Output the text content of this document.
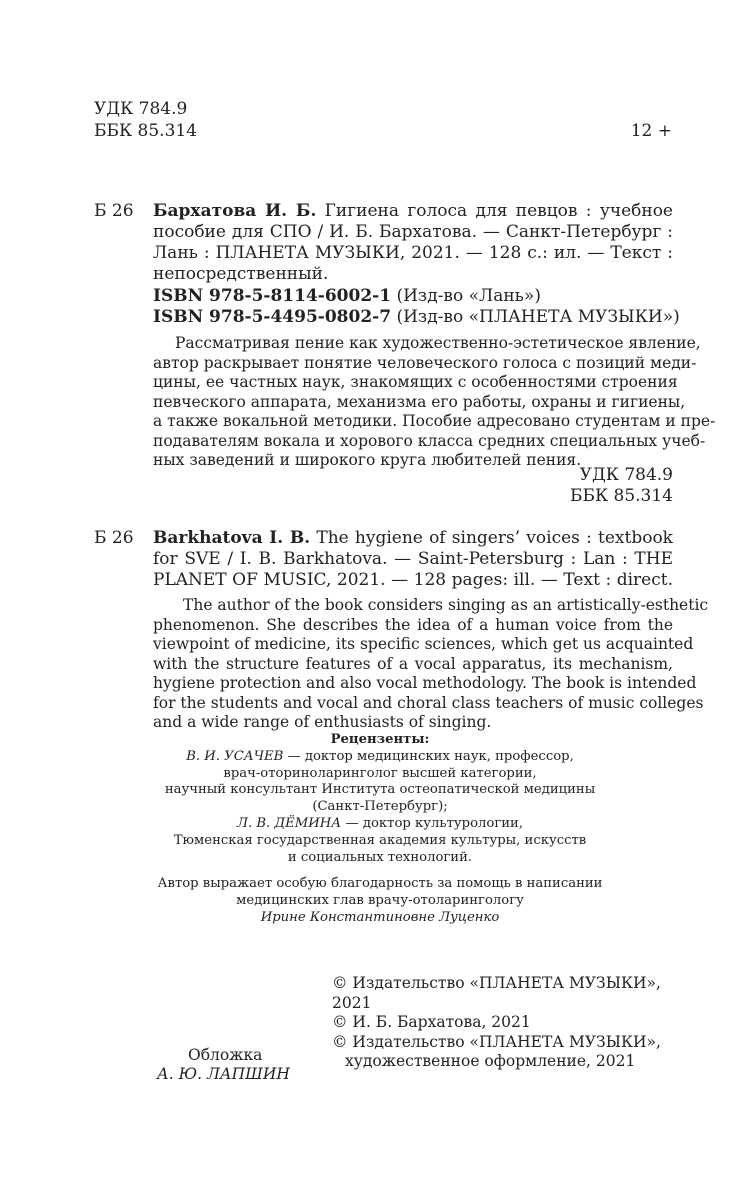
УДК 784.9
ББК 85.314	12 +
Б 26 Бархатова И. Б. Гигиена голоса для певцов : учебное
пособие для СПО / И. Б. Бархатова. — Санкт-Петербург :
Лань : ПЛАНЕТА МУЗЫКИ, 2021. — 128 с.: ил. — Текст :
непосредственный.
ISBN 978-5-8114-6002-1 (Изд-во «Лань»)
ISBN 978-5-4495-0802-7 (Изд-во «ПЛАНЕТА МУЗЫКИ»)
Рассматривая пение как художественно-эстетическое явление,
автор раскрывает понятие человеческого голоса с позиций меди-
цины, ее частных наук, знакомящих с особенностями строения
певческого аппарата, механизма его работы, охраны и гигиены,
а также вокальной методики. Пособие адресовано студентам и пре-
подавателям вокала и хорового класса средних специальных учеб-
ных заведений и широкого круга любителей пения.
УДК 784.9
ББК 85.314
Б 26 Barkhatova I. B. The hygiene of singers’ voices : textbook
for SVE / I. B. Barkhatova. — Saint-Petersburg : Lan : THE
PLANET OF MUSIC, 2021. — 128 pages: ill. — Text : direct.
The author of the book considers singing as an artistically-esthetic
phenomenon. She describes the idea of a human voice from the
viewpoint of medicine, its specific sciences, which get us acquainted
with the structure features of a vocal apparatus, its mechanism,
hygiene protection and also vocal methodology. The book is intended
for the students and vocal and choral class teachers of music colleges
and a wide range of enthusiasts of singing.
Рецензенты:
В. И. УСАЧЕВ — доктор медицинских наук, профессор,
врач-оториноларинголог высшей категории,
научный консультант Института остеопатической медицины
(Санкт-Петербург);
Л. В. ДЁМИНА — доктор культурологии,
Тюменская государственная академия культуры, искусств
и социальных технологий.
Автор выражает особую благодарность за помощь в написании
медицинских глав врачу-отоларингологу
Ирине Константиновне Луценко
© Издательство «ПЛАНЕТА МУЗЫКИ», 2021
© И. Б. Бархатова, 2021
© Издательство «ПЛАНЕТА МУЗЫКИ»,
художественное оформление, 2021
Обложка
А. Ю. ЛАПШИН
